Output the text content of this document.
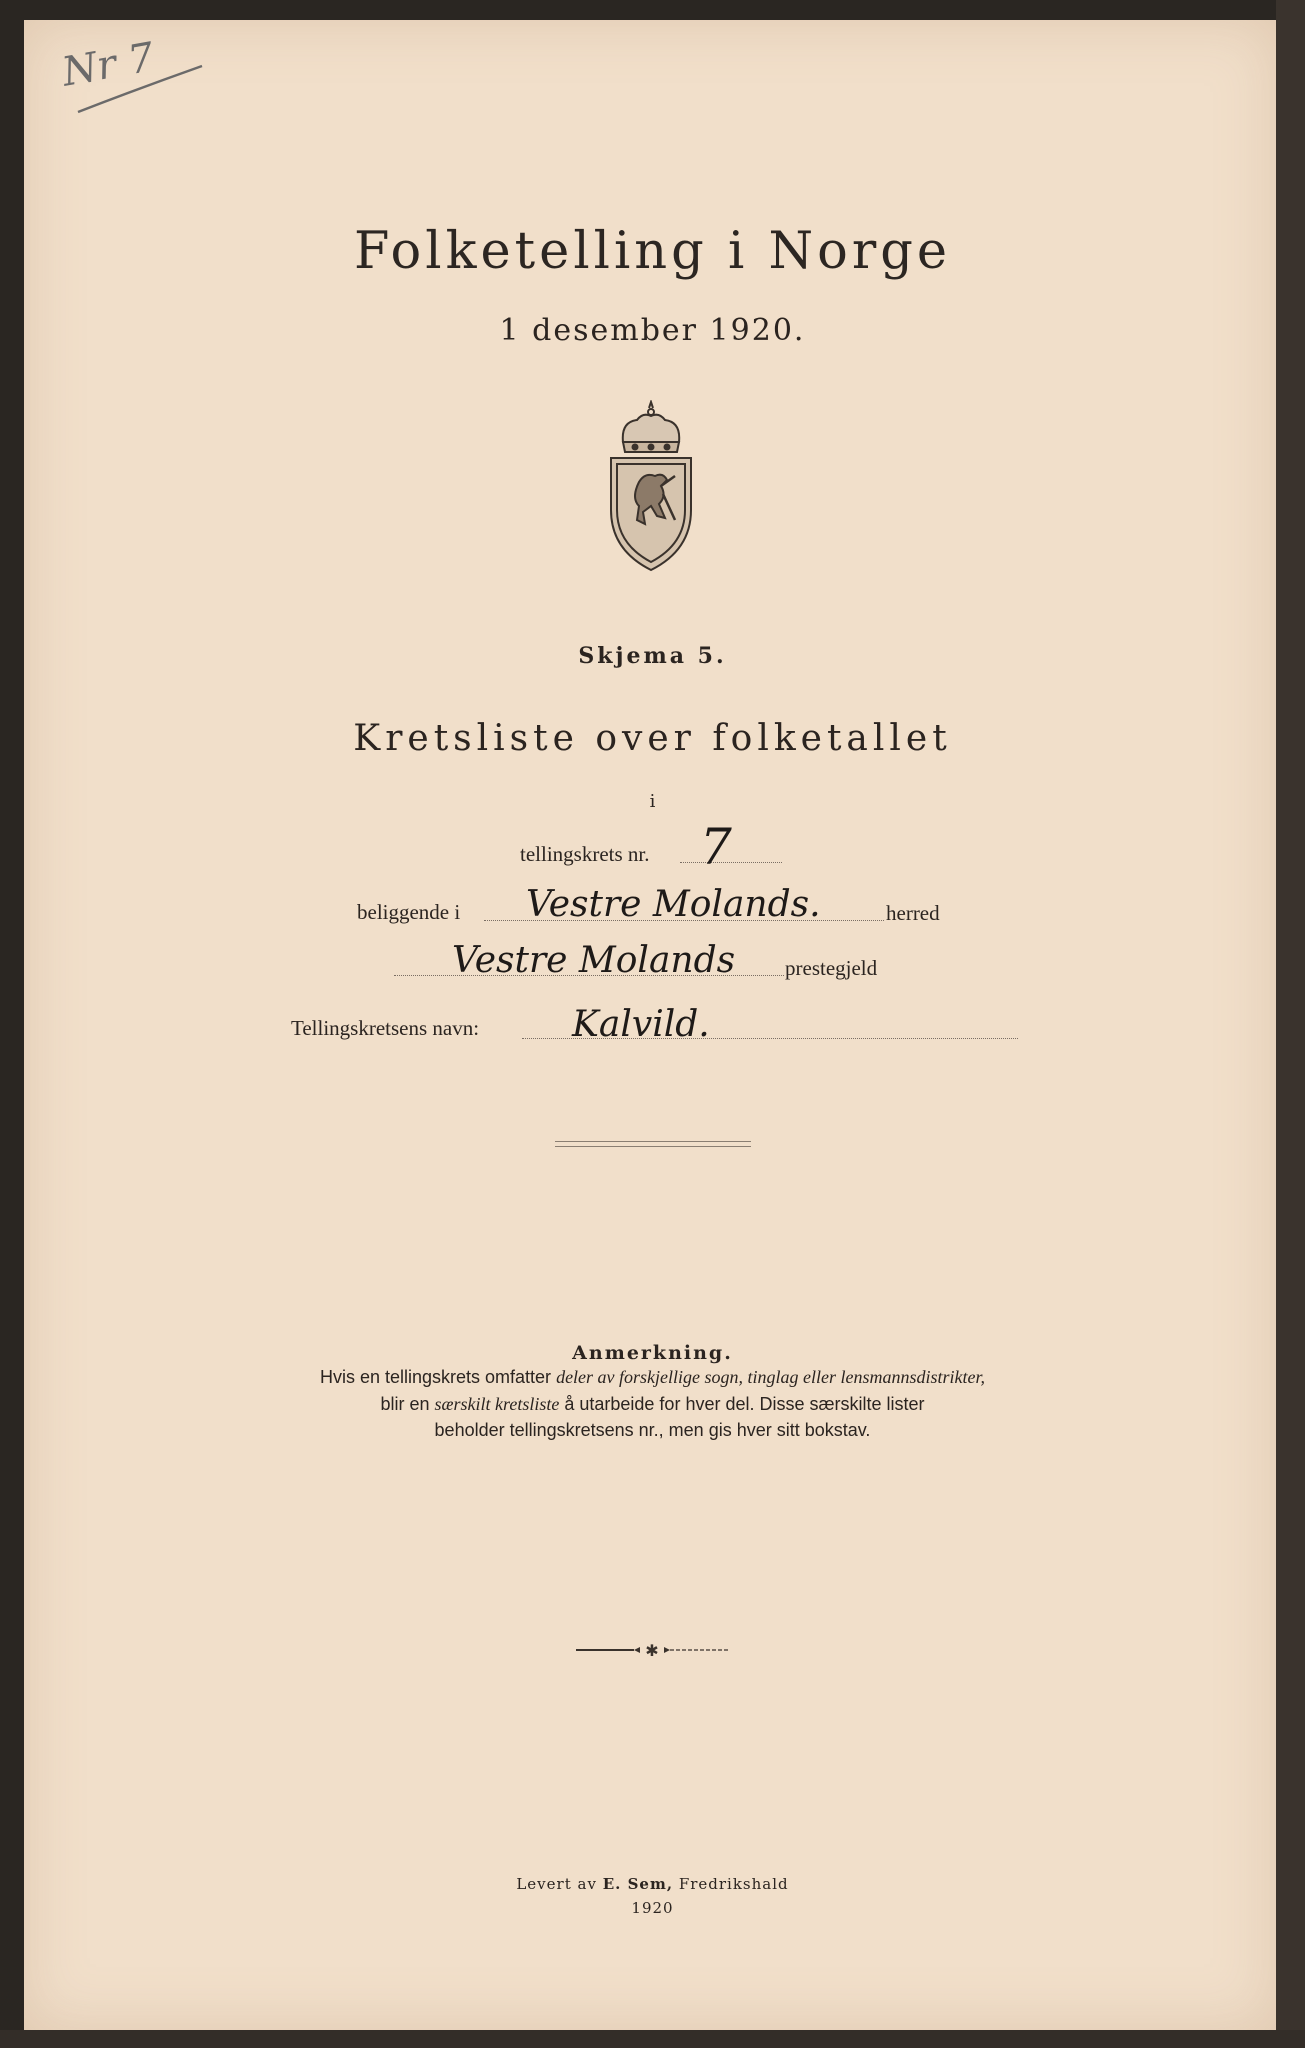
Nr 7
Folketelling i Norge
1 desember 1920.
Skjema 5.
Kretsliste over folketallet
i
tellingskrets nr. 7
beliggende i Vestre Molands.	herred
Vestre Molands prestegjeld
Tellingskretsens navn:	Kalvild.
Anmerkning.
Hvis en tellingskrets omfatter deler av forskjellige sogn, tinglag eller lensmannsdistrikter,
blir en særskilt kretsliste å utarbeide for hver del. Disse særskilte lister
beholder tellingskretsens nr., men gis hver sitt bokstav.
✱
Levert av E. Sem, Fredrikshald
1920
